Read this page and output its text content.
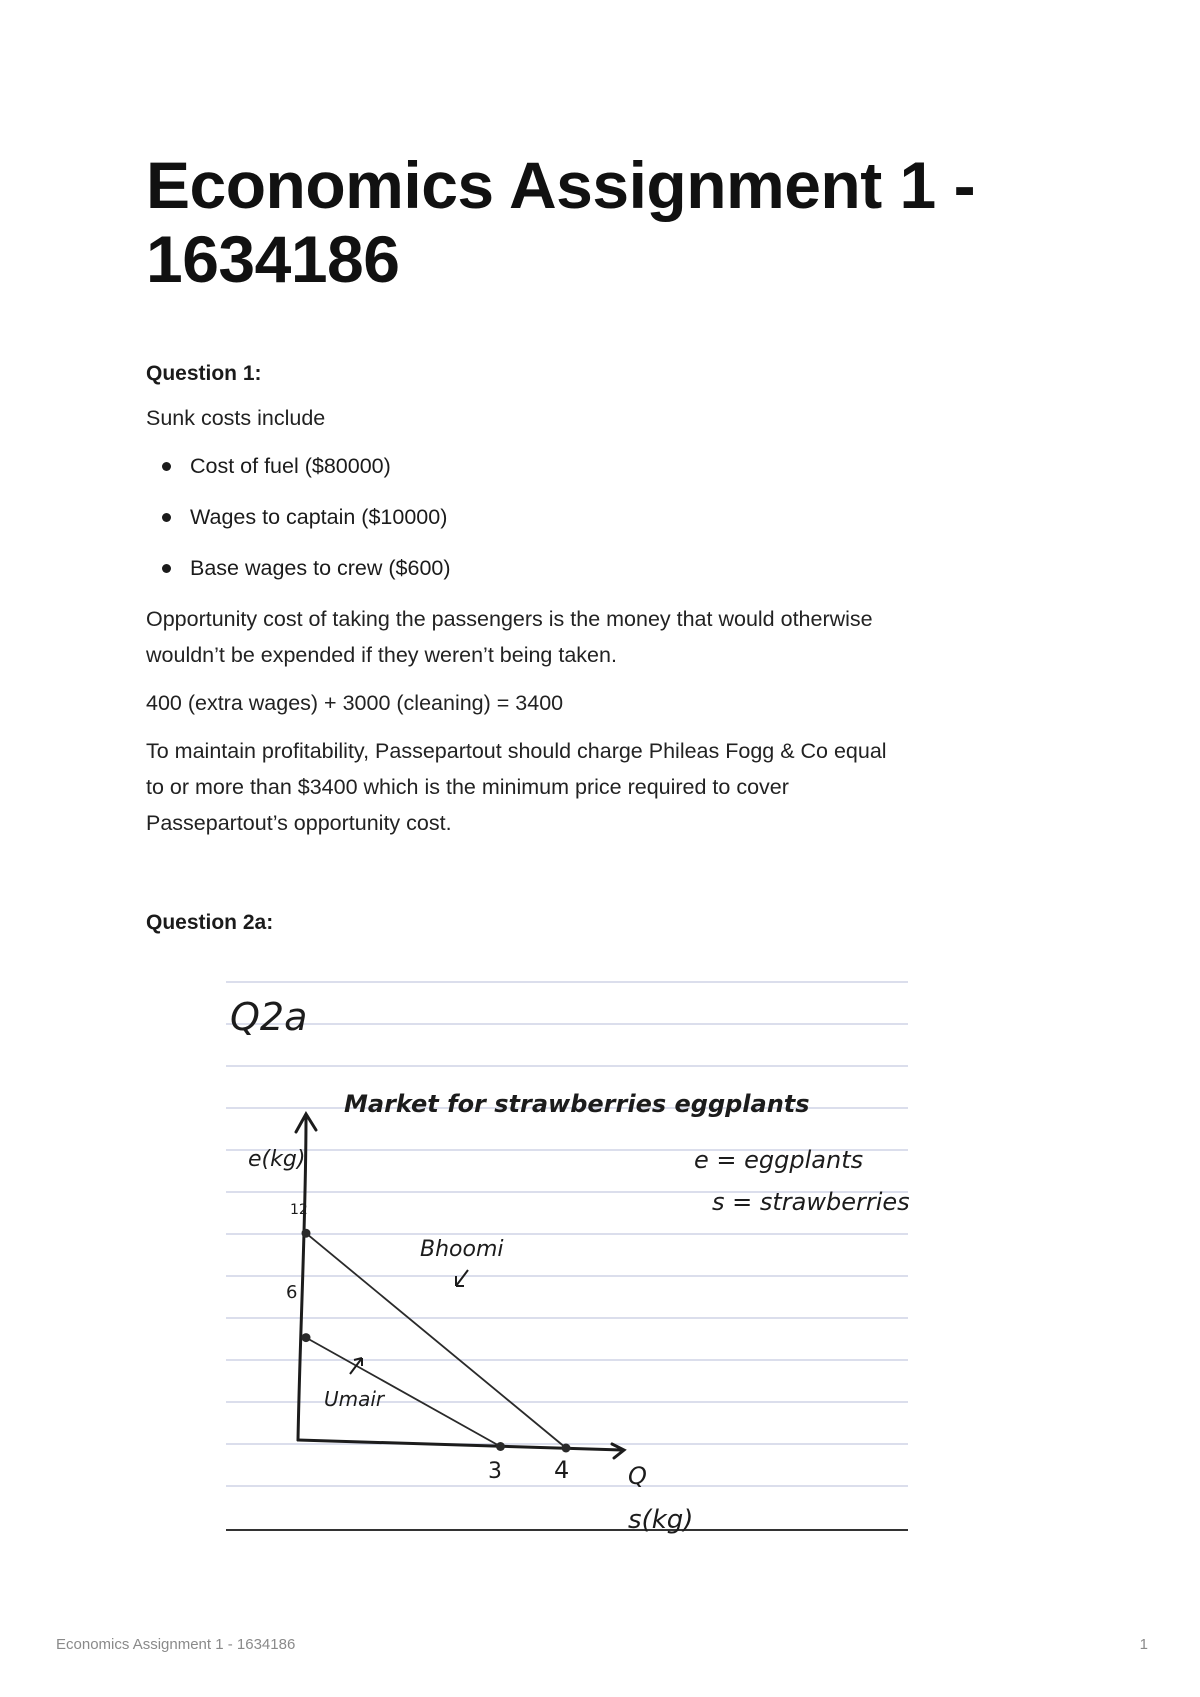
Economics Assignment 1 -
1634186

Question 1:

Sunk costs include

Cost of fuel ($80000)
Wages to captain ($10000)
Base wages to crew ($600)

Opportunity cost of taking the passengers is the money that would otherwise
wouldn’t be expended if they weren’t being taken.

400 (extra wages) + 3000 (cleaning) = 3400

To maintain profitability, Passepartout should charge Phileas Fogg & Co equal
to or more than $3400 which is the minimum price required to cover
Passepartout’s opportunity cost.

Question 2a:

Q2a
Market for strawberries eggplants
e = eggplants
s = strawberries
e(kg)
s(kg)
Q
12
6
3 4
Bhoomi
Umair
Economics Assignment 1 - 1634186	1
